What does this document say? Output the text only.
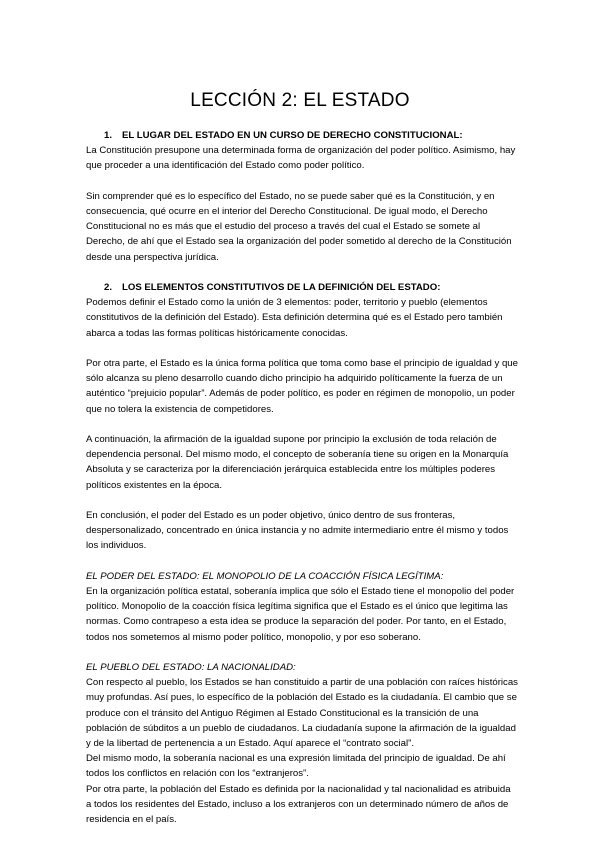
LECCIÓN 2: EL ESTADO

1. EL LUGAR DEL ESTADO EN UN CURSO DE DERECHO CONSTITUCIONAL:

La Constitución presupone una determinada forma de organización del poder político. Asimismo, hay que proceder a una identificación del Estado como poder político.

Sin comprender qué es lo específico del Estado, no se puede saber qué es la Constitución, y en consecuencia, qué ocurre en el interior del Derecho Constitucional. De igual modo, el Derecho Constitucional no es más que el estudio del proceso a través del cual el Estado se somete al Derecho, de ahí que el Estado sea la organización del poder sometido al derecho de la Constitución desde una perspectiva jurídica.

2. LOS ELEMENTOS CONSTITUTIVOS DE LA DEFINICIÓN DEL ESTADO:

Podemos definir el Estado como la unión de 3 elementos: poder, territorio y pueblo (elementos constitutivos de la definición del Estado). Esta definición determina qué es el Estado pero también abarca a todas las formas políticas históricamente conocidas.

Por otra parte, el Estado es la única forma política que toma como base el principio de igualdad y que sólo alcanza su pleno desarrollo cuando dicho principio ha adquirido políticamente la fuerza de un auténtico “prejuicio popular”. Además de poder político, es poder en régimen de monopolio, un poder que no tolera la existencia de competidores.

A continuación, la afirmación de la igualdad supone por principio la exclusión de toda relación de dependencia personal. Del mismo modo, el concepto de soberanía tiene su origen en la Monarquía Absoluta y se caracteriza por la diferenciación jerárquica establecida entre los múltiples poderes políticos existentes en la época.

En conclusión, el poder del Estado es un poder objetivo, único dentro de sus fronteras, despersonalizado, concentrado en única instancia y no admite intermediario entre él mismo y todos los individuos.

EL PODER DEL ESTADO: EL MONOPOLIO DE LA COACCIÓN FÍSICA LEGÍTIMA:

En la organización política estatal, soberanía implica que sólo el Estado tiene el monopolio del poder político. Monopolio de la coacción física legítima significa que el Estado es el único que legitima las normas. Como contrapeso a esta idea se produce la separación del poder. Por tanto, en el Estado, todos nos sometemos al mismo poder político, monopolio, y por eso soberano.

EL PUEBLO DEL ESTADO: LA NACIONALIDAD:

Con respecto al pueblo, los Estados se han constituido a partir de una población con raíces históricas muy profundas. Así pues, lo específico de la población del Estado es la ciudadanía. El cambio que se produce con el tránsito del Antiguo Régimen al Estado Constitucional es la transición de una población de súbditos a un pueblo de ciudadanos. La ciudadanía supone la afirmación de la igualdad y de la libertad de pertenencia a un Estado. Aquí aparece el “contrato social”.

Del mismo modo, la soberanía nacional es una expresión limitada del principio de igualdad. De ahí todos los conflictos en relación con los “extranjeros”.

Por otra parte, la población del Estado es definida por la nacionalidad y tal nacionalidad es atribuida a todos los residentes del Estado, incluso a los extranjeros con un determinado número de años de residencia en el país.
